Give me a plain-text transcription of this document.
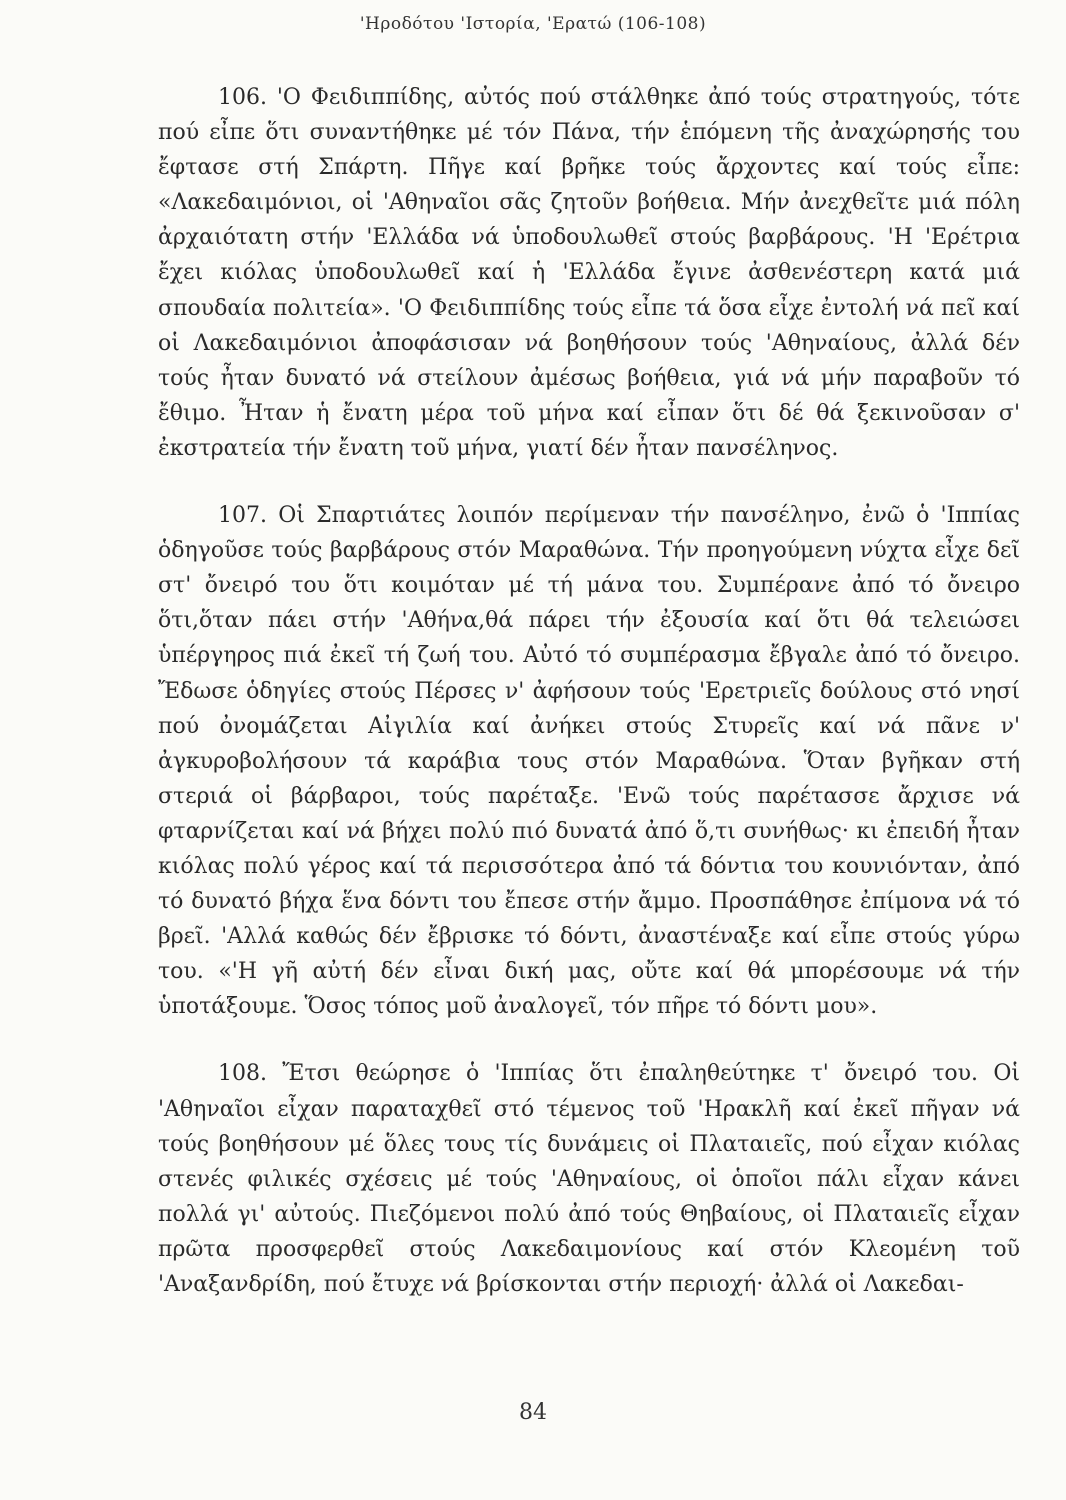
'Ηροδότου 'Ιστορία, 'Ερατώ (106-108)

106. 'Ο Φειδιππίδης, αὐτός πού στάλθηκε ἀπό τούς στρατηγούς, τότε πού εἶπε ὅτι συναντήθηκε μέ τόν Πάνα, τήν ἑπόμενη τῆς ἀναχώρησής του ἔφτασε στή Σπάρτη. Πῆγε καί βρῆκε τούς ἄρχοντες καί τούς εἶπε: «Λακεδαιμόνιοι, οἱ 'Αθηναῖοι σᾶς ζητοῦν βοήθεια. Μήν ἀνεχθεῖτε μιά πόλη ἀρχαιότατη στήν 'Ελλάδα νά ὑποδουλωθεῖ στούς βαρβάρους. 'Η 'Ερέτρια ἔχει κιόλας ὑποδουλωθεῖ καί ἡ 'Ελλάδα ἔγινε ἀσθενέστερη κατά μιά σπουδαία πολιτεία». 'Ο Φειδιππίδης τούς εἶπε τά ὅσα εἶχε ἐντολή νά πεῖ καί οἱ Λακεδαιμόνιοι ἀποφάσισαν νά βοηθήσουν τούς 'Αθηναίους, ἀλλά δέν τούς ἦταν δυνατό νά στείλουν ἀμέσως βοήθεια, γιά νά μήν παραβοῦν τό ἔθιμο. Ἦταν ἡ ἔνατη μέρα τοῦ μήνα καί εἶπαν ὅτι δέ θά ξεκινοῦσαν σ' ἐκστρατεία τήν ἔνατη τοῦ μήνα, γιατί δέν ἦταν πανσέληνος.

107. Οἱ Σπαρτιάτες λοιπόν περίμεναν τήν πανσέληνο, ἐνῶ ὁ 'Ιππίας ὁδηγοῦσε τούς βαρβάρους στόν Μαραθώνα. Τήν προηγούμενη νύχτα εἶχε δεῖ στ' ὄνειρό του ὅτι κοιμόταν μέ τή μάνα του. Συμπέρανε ἀπό τό ὄνειρο ὅτι,ὅταν πάει στήν 'Αθήνα,θά πάρει τήν ἐξουσία καί ὅτι θά τελειώσει ὑπέργηρος πιά ἐκεῖ τή ζωή του. Αὐτό τό συμπέρασμα ἔβγαλε ἀπό τό ὄνειρο. Ἔδωσε ὁδηγίες στούς Πέρσες ν' ἀφήσουν τούς 'Ερετριεῖς δούλους στό νησί πού ὀνομάζεται Αἰγιλία καί ἀνήκει στούς Στυρεῖς καί νά πᾶνε ν' ἀγκυροβολήσουν τά καράβια τους στόν Μαραθώνα. Ὅταν βγῆκαν στή στεριά οἱ βάρβαροι, τούς παρέταξε. 'Ενῶ τούς παρέτασσε ἄρχισε νά φταρνίζεται καί νά βήχει πολύ πιό δυνατά ἀπό ὅ,τι συνήθως· κι ἐπειδή ἦταν κιόλας πολύ γέρος καί τά περισσότερα ἀπό τά δόντια του κουνιόνταν, ἀπό τό δυνατό βήχα ἕνα δόντι του ἔπεσε στήν ἄμμο. Προσπάθησε ἐπίμονα νά τό βρεῖ. 'Αλλά καθώς δέν ἔβρισκε τό δόντι, ἀναστέναξε καί εἶπε στούς γύρω του. «'Η γῆ αὐτή δέν εἶναι δική μας, οὔτε καί θά μπορέσουμε νά τήν ὑποτάξουμε. Ὅσος τόπος μοῦ ἀναλογεῖ, τόν πῆρε τό δόντι μου».

108. Ἔτσι θεώρησε ὁ 'Ιππίας ὅτι ἐπαληθεύτηκε τ' ὄνειρό του. Οἱ 'Αθηναῖοι εἶχαν παραταχθεῖ στό τέμενος τοῦ 'Ηρακλῆ καί ἐκεῖ πῆγαν νά τούς βοηθήσουν μέ ὅλες τους τίς δυνάμεις οἱ Πλαταιεῖς, πού εἶχαν κιόλας στενές φιλικές σχέσεις μέ τούς 'Αθηναίους, οἱ ὁποῖοι πάλι εἶχαν κάνει πολλά γι' αὐτούς. Πιεζόμενοι πολύ ἀπό τούς Θηβαίους, οἱ Πλαταιεῖς εἶχαν πρῶτα προσφερθεῖ στούς Λακεδαιμονίους καί στόν Κλεομένη τοῦ 'Αναξανδρίδη, πού ἔτυχε νά βρίσκονται στήν περιοχή· ἀλλά οἱ Λακεδαι-

84
